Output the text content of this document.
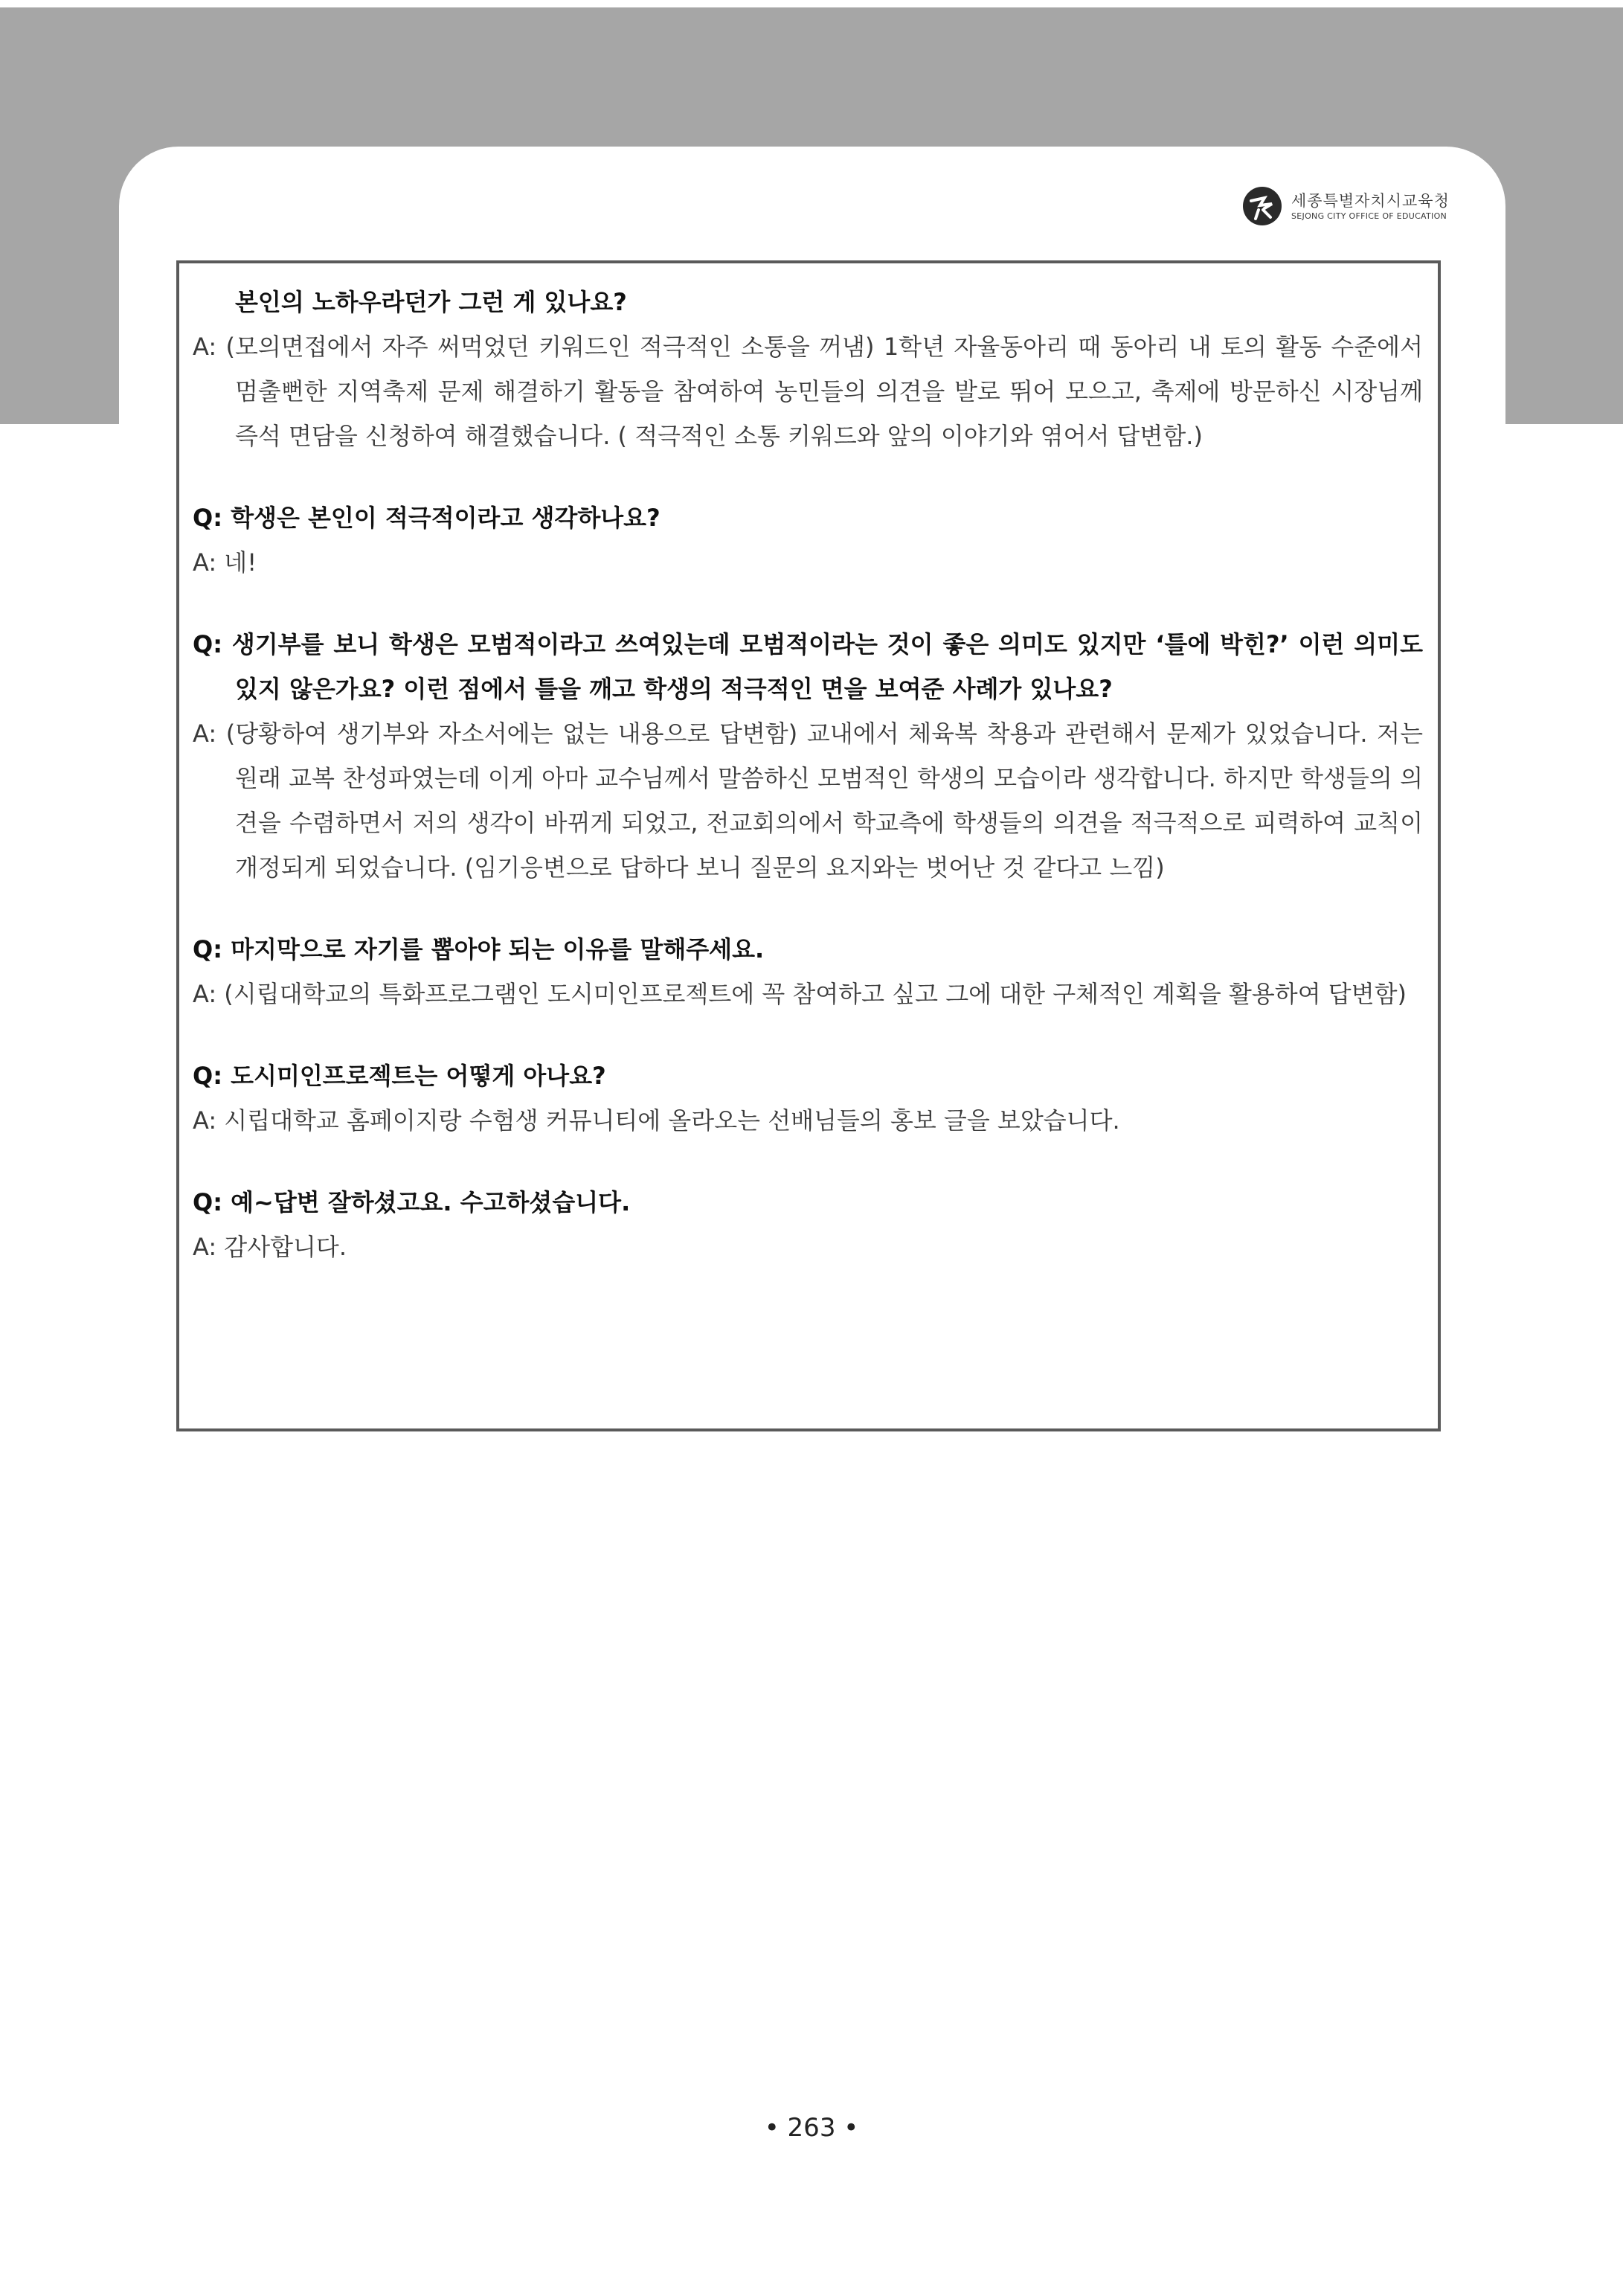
세종특별자치시교육청
SEJONG CITY OFFICE OF EDUCATION
본인의 노하우라던가 그런 게 있나요?
A: (모의면접에서 자주 써먹었던 키워드인 적극적인 소통을 꺼냄) 1학년 자율동아리 때 동아리 내 토의 활동 수준에서 멈출뻔한 지역축제 문제 해결하기 활동을 참여하여 농민들의 의견을 발로 뛰어 모으고, 축제에 방문하신 시장님께 즉석 면담을 신청하여 해결했습니다. ( 적극적인 소통 키워드와 앞의 이야기와 엮어서 답변함.)
Q: 학생은 본인이 적극적이라고 생각하나요?
A: 네!
Q: 생기부를 보니 학생은 모범적이라고 쓰여있는데 모범적이라는 것이 좋은 의미도 있지만 ‘틀에 박힌?’ 이런 의미도 있지 않은가요? 이런 점에서 틀을 깨고 학생의 적극적인 면을 보여준 사례가 있나요?
A: (당황하여 생기부와 자소서에는 없는 내용으로 답변함) 교내에서 체육복 착용과 관련해서 문제가 있었습니다. 저는 원래 교복 찬성파였는데 이게 아마 교수님께서 말씀하신 모범적인 학생의 모습이라 생각합니다. 하지만 학생들의 의견을 수렴하면서 저의 생각이 바뀌게 되었고, 전교회의에서 학교측에 학생들의 의견을 적극적으로 피력하여 교칙이 개정되게 되었습니다. (임기응변으로 답하다 보니 질문의 요지와는 벗어난 것 같다고 느낌)
Q: 마지막으로 자기를 뽑아야 되는 이유를 말해주세요.
A: (시립대학교의 특화프로그램인 도시미인프로젝트에 꼭 참여하고 싶고 그에 대한 구체적인 계획을 활용하여 답변함)
Q: 도시미인프로젝트는 어떻게 아나요?
A: 시립대학교 홈페이지랑 수험생 커뮤니티에 올라오는 선배님들의 홍보 글을 보았습니다.
Q: 예~답변 잘하셨고요. 수고하셨습니다.
A: 감사합니다.
• 263 •
